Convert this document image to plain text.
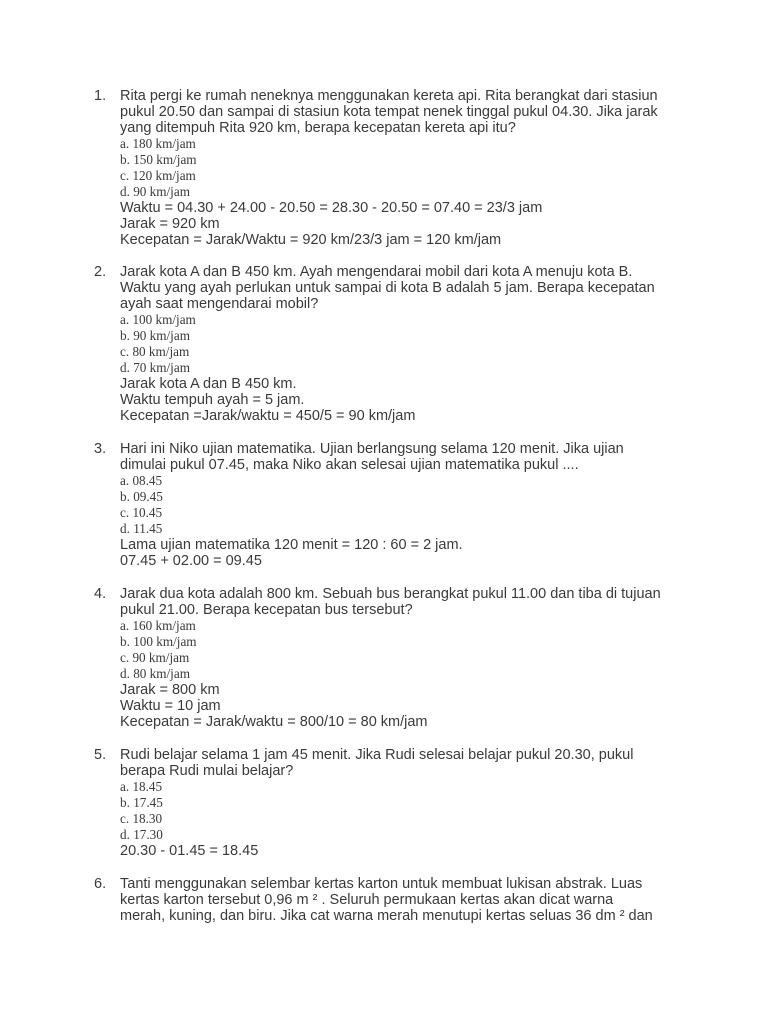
1. Rita pergi ke rumah neneknya menggunakan kereta api. Rita berangkat dari stasiun

pukul 20.50 dan sampai di stasiun kota tempat nenek tinggal pukul 04.30. Jika jarak

yang ditempuh Rita 920 km, berapa kecepatan kereta api itu?

a. 180 km/jam

b. 150 km/jam

c. 120 km/jam

d. 90 km/jam

Waktu = 04.30 + 24.00 - 20.50 = 28.30 - 20.50 = 07.40 = 23/3 jam

Jarak = 920 km

Kecepatan = Jarak/Waktu = 920 km/23/3 jam = 120 km/jam

2. Jarak kota A dan B 450 km. Ayah mengendarai mobil dari kota A menuju kota B.

Waktu yang ayah perlukan untuk sampai di kota B adalah 5 jam. Berapa kecepatan

ayah saat mengendarai mobil?

a. 100 km/jam

b. 90 km/jam

c. 80 km/jam

d. 70 km/jam

Jarak kota A dan B 450 km.

Waktu tempuh ayah = 5 jam.

Kecepatan =Jarak/waktu = 450/5 = 90 km/jam

3. Hari ini Niko ujian matematika. Ujian berlangsung selama 120 menit. Jika ujian

dimulai pukul 07.45, maka Niko akan selesai ujian matematika pukul ....

a. 08.45

b. 09.45

c. 10.45

d. 11.45

Lama ujian matematika 120 menit = 120 : 60 = 2 jam.

07.45 + 02.00 = 09.45

4. Jarak dua kota adalah 800 km. Sebuah bus berangkat pukul 11.00 dan tiba di tujuan

pukul 21.00. Berapa kecepatan bus tersebut?

a. 160 km/jam

b. 100 km/jam

c. 90 km/jam

d. 80 km/jam

Jarak = 800 km

Waktu = 10 jam

Kecepatan = Jarak/waktu = 800/10 = 80 km/jam

5. Rudi belajar selama 1 jam 45 menit. Jika Rudi selesai belajar pukul 20.30, pukul

berapa Rudi mulai belajar?

a. 18.45

b. 17.45

c. 18.30

d. 17.30

20.30 - 01.45 = 18.45

6. Tanti menggunakan selembar kertas karton untuk membuat lukisan abstrak. Luas

kertas karton tersebut 0,96 m ² . Seluruh permukaan kertas akan dicat warna

merah, kuning, dan biru. Jika cat warna merah menutupi kertas seluas 36 dm ² dan
